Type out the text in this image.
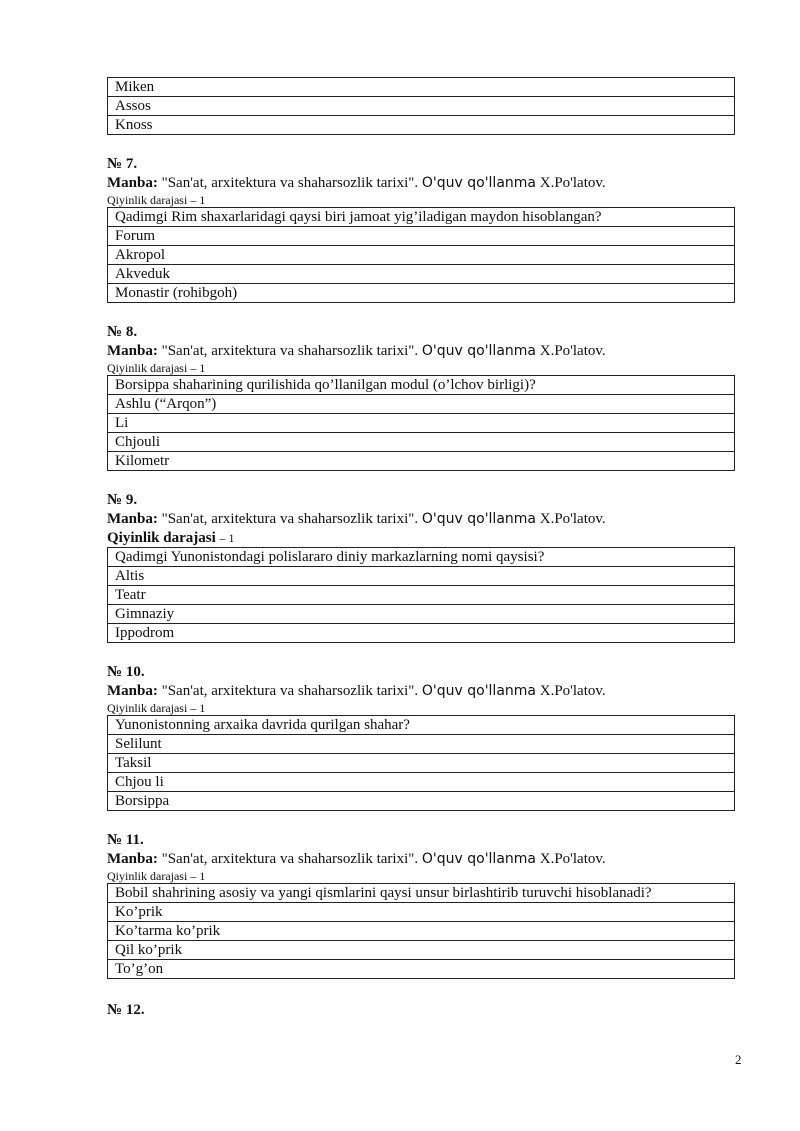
Miken
Assos
Knoss
№ 7.
Manba: "San'at, arxitektura va shaharsozlik tarixi". O'quv qo'llanma X.Po'latov.
Qiyinlik darajasi – 1
Qadimgi Rim shaxarlaridagi qaysi biri jamoat yig’iladigan maydon hisoblangan?
Forum
Akropol
Akveduk
Monastir (rohibgoh)
№ 8.
Manba: "San'at, arxitektura va shaharsozlik tarixi". O'quv qo'llanma X.Po'latov.
Qiyinlik darajasi – 1
Borsippa shaharining qurilishida qo’llanilgan modul (o’lchov birligi)?
Ashlu (“Arqon”)
Li
Chjouli
Kilometr
№ 9.
Manba: "San'at, arxitektura va shaharsozlik tarixi". O'quv qo'llanma X.Po'latov.
Qiyinlik darajasi – 1
Qadimgi Yunonistondagi polislararo diniy markazlarning nomi qaysisi?
Altis
Teatr
Gimnaziy
Ippodrom
№ 10.
Manba: "San'at, arxitektura va shaharsozlik tarixi". O'quv qo'llanma X.Po'latov.
Qiyinlik darajasi – 1
Yunonistonning arxaika davrida qurilgan shahar?
Selilunt
Taksil
Chjou li
Borsippa
№ 11.
Manba: "San'at, arxitektura va shaharsozlik tarixi". O'quv qo'llanma X.Po'latov.
Qiyinlik darajasi – 1
Bobil shahrining asosiy va yangi qismlarini qaysi unsur birlashtirib turuvchi hisoblanadi?
Ko’prik
Ko’tarma ko’prik
Qil ko’prik
To’g’on
№ 12.
2
